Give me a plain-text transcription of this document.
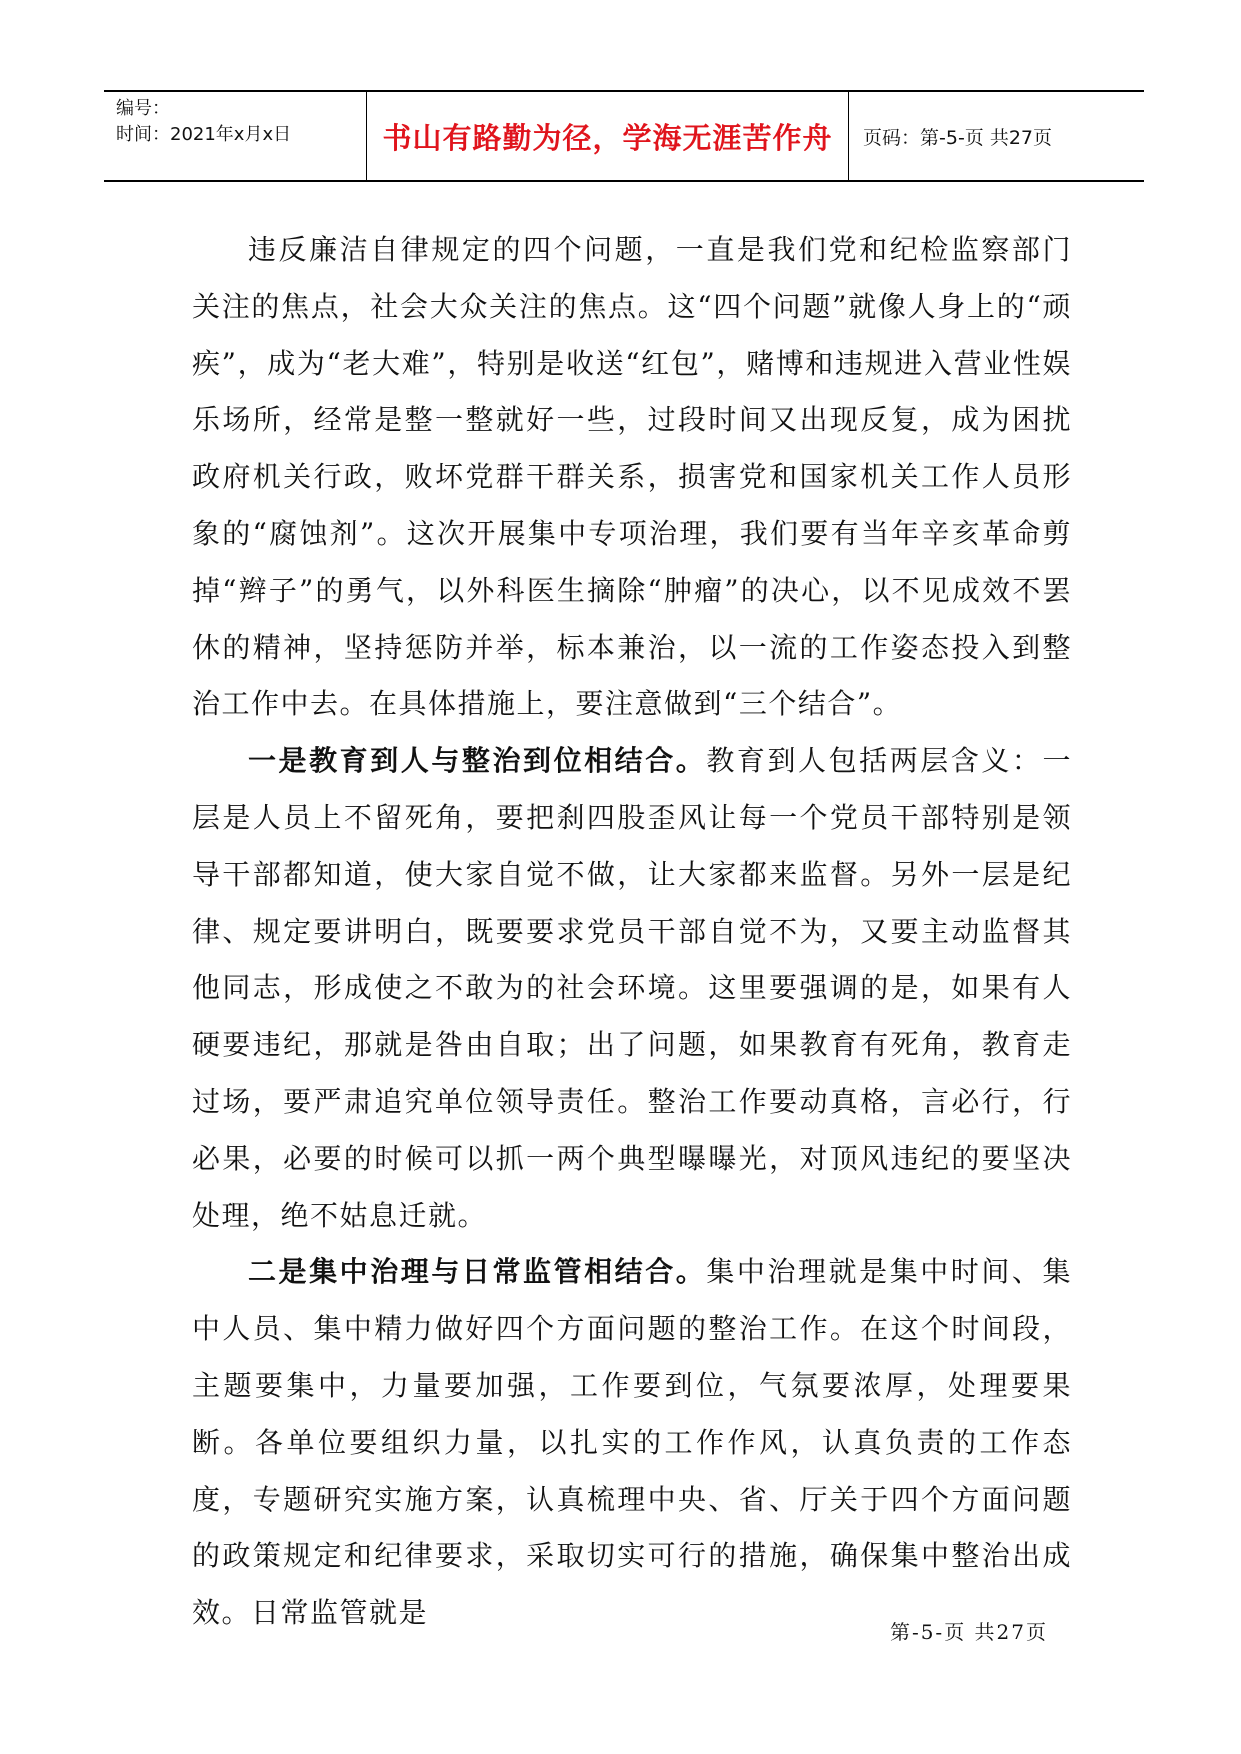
编号：
时间：2021年x月x日	书山有路勤为径，学海无涯苦作舟	页码：第-5-页 共27页

违反廉洁自律规定的四个问题，一直是我们党和纪检监察部门关注的焦点，社会大众关注的焦点。这“四个问题”就像人身上的“顽疾”，成为“老大难”，特别是收送“红包”，赌博和违规进入营业性娱乐场所，经常是整一整就好一些，过段时间又出现反复，成为困扰政府机关行政，败坏党群干群关系，损害党和国家机关工作人员形象的“腐蚀剂”。这次开展集中专项治理，我们要有当年辛亥革命剪掉“辫子”的勇气，以外科医生摘除“肿瘤”的决心，以不见成效不罢休的精神，坚持惩防并举，标本兼治，以一流的工作姿态投入到整治工作中去。在具体措施上，要注意做到“三个结合”。

一是教育到人与整治到位相结合。教育到人包括两层含义：一层是人员上不留死角，要把刹四股歪风让每一个党员干部特别是领导干部都知道，使大家自觉不做，让大家都来监督。另外一层是纪律、规定要讲明白，既要要求党员干部自觉不为，又要主动监督其他同志，形成使之不敢为的社会环境。这里要强调的是，如果有人硬要违纪，那就是咎由自取；出了问题，如果教育有死角，教育走过场，要严肃追究单位领导责任。整治工作要动真格，言必行，行必果，必要的时候可以抓一两个典型曝曝光，对顶风违纪的要坚决处理，绝不姑息迁就。

二是集中治理与日常监管相结合。集中治理就是集中时间、集中人员、集中精力做好四个方面问题的整治工作。在这个时间段，主题要集中，力量要加强，工作要到位，气氛要浓厚，处理要果断。各单位要组织力量，以扎实的工作作风，认真负责的工作态度，专题研究实施方案，认真梳理中央、省、厅关于四个方面问题的政策规定和纪律要求，采取切实可行的措施，确保集中整治出成效。日常监管就是

第-5-页 共27页
